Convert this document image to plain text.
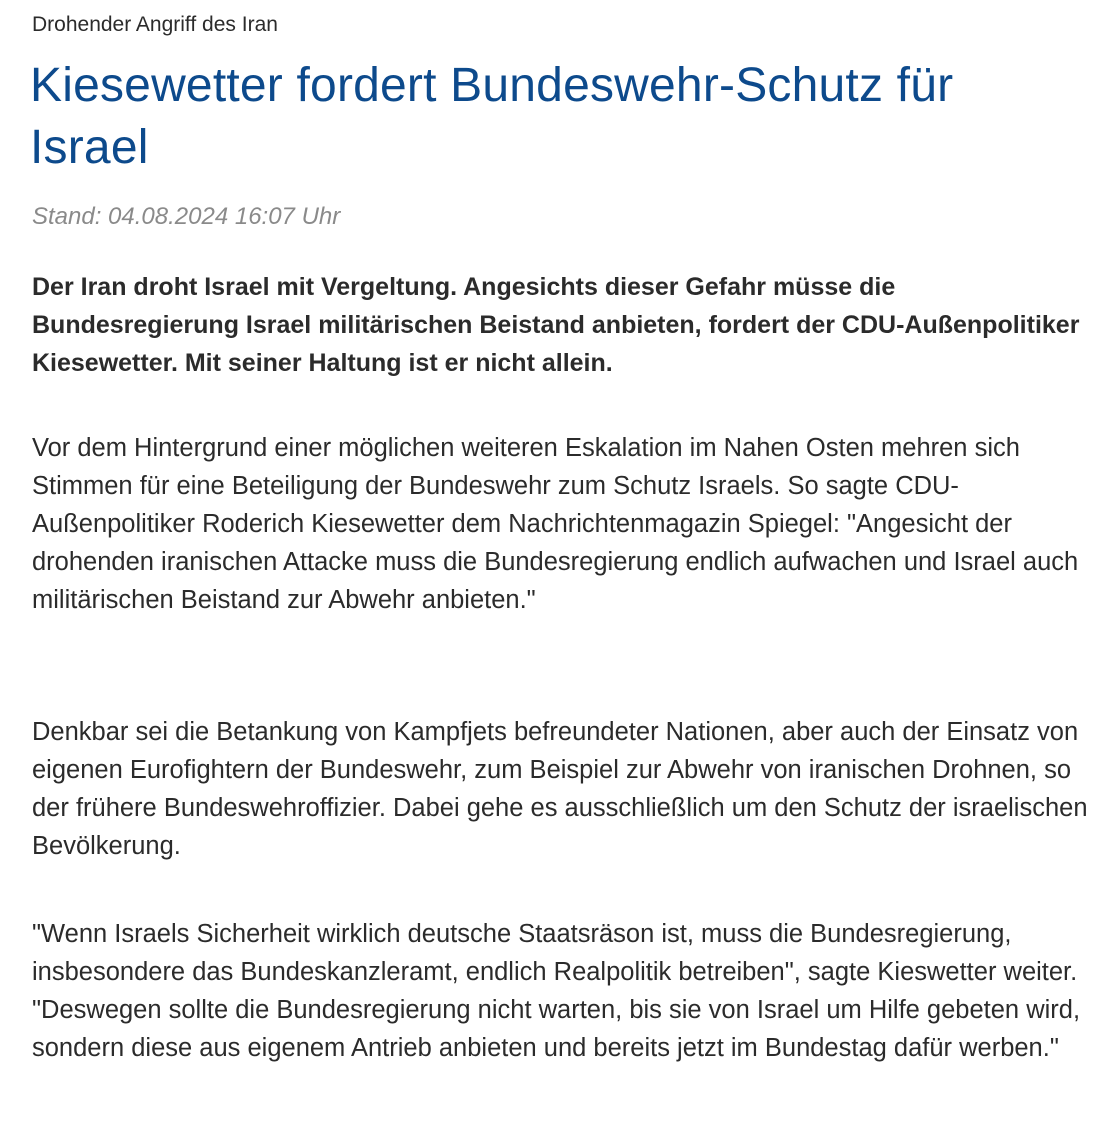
Drohender Angriff des Iran

Kiesewetter fordert Bundeswehr-Schutz für Israel

Stand: 04.08.2024 16:07 Uhr

Der Iran droht Israel mit Vergeltung. Angesichts dieser Gefahr müsse die Bundesregierung Israel militärischen Beistand anbieten, fordert der CDU-Außenpolitiker Kiesewetter. Mit seiner Haltung ist er nicht allein.

Vor dem Hintergrund einer möglichen weiteren Eskalation im Nahen Osten mehren sich Stimmen für eine Beteiligung der Bundeswehr zum Schutz Israels. So sagte CDU-Außenpolitiker Roderich Kiesewetter dem Nachrichtenmagazin Spiegel: "Angesicht der drohenden iranischen Attacke muss die Bundesregierung endlich aufwachen und Israel auch militärischen Beistand zur Abwehr anbieten."

Denkbar sei die Betankung von Kampfjets befreundeter Nationen, aber auch der Einsatz von eigenen Eurofightern der Bundeswehr, zum Beispiel zur Abwehr von iranischen Drohnen, so der frühere Bundeswehroffizier. Dabei gehe es ausschließlich um den Schutz der israelischen Bevölkerung.

"Wenn Israels Sicherheit wirklich deutsche Staatsräson ist, muss die Bundesregierung, insbesondere das Bundeskanzleramt, endlich Realpolitik betreiben", sagte Kieswetter weiter. "Deswegen sollte die Bundesregierung nicht warten, bis sie von Israel um Hilfe gebeten wird, sondern diese aus eigenem Antrieb anbieten und bereits jetzt im Bundestag dafür werben."
